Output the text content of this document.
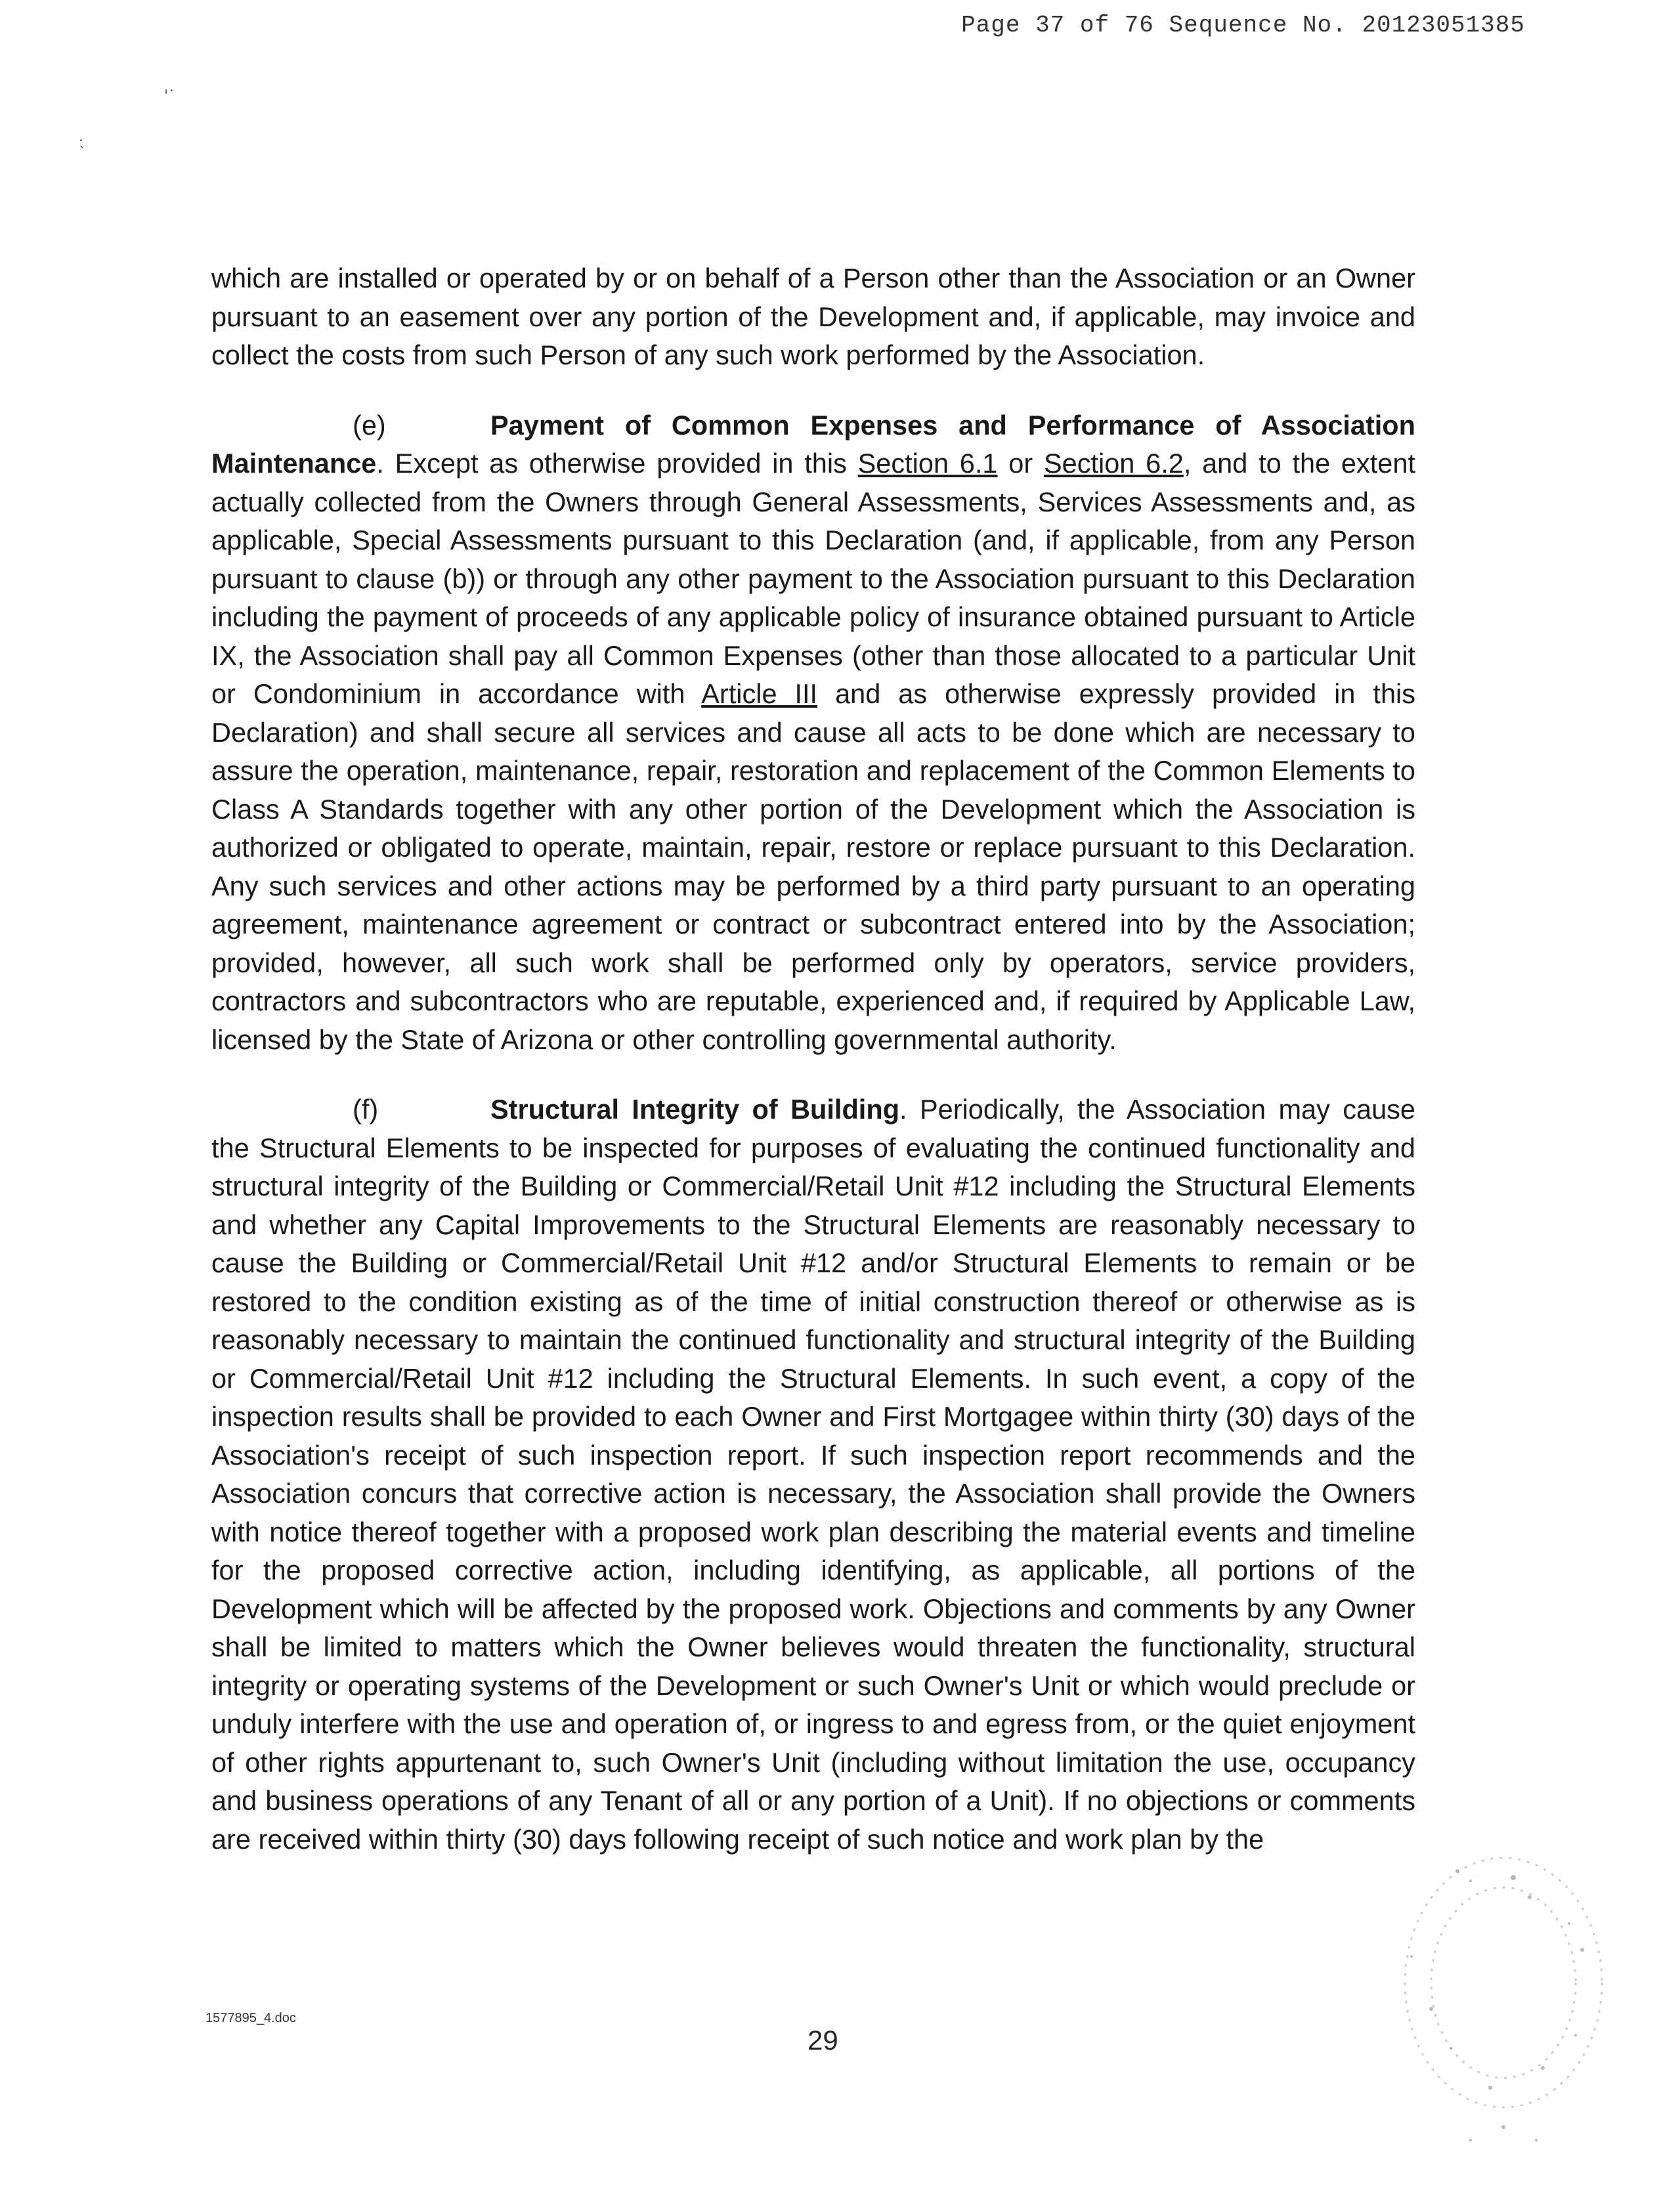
Page 37 of 76 Sequence No. 20123051385
.
'
. `

which are installed or operated by or on behalf of a Person other than the Association or an Owner pursuant to an easement over any portion of the Development and, if applicable, may invoice and collect the costs from such Person of any such work performed by the Association.

(e)	Payment of Common Expenses and Performance of Association Maintenance. Except as otherwise provided in this Section 6.1 or Section 6.2, and to the extent actually collected from the Owners through General Assessments, Services Assessments and, as applicable, Special Assessments pursuant to this Declaration (and, if applicable, from any Person pursuant to clause (b)) or through any other payment to the Association pursuant to this Declaration including the payment of proceeds of any applicable policy of insurance obtained pursuant to Article IX, the Association shall pay all Common Expenses (other than those allocated to a particular Unit or Condominium in accordance with Article III and as otherwise expressly provided in this Declaration) and shall secure all services and cause all acts to be done which are necessary to assure the operation, maintenance, repair, restoration and replacement of the Common Elements to Class A Standards together with any other portion of the Development which the Association is authorized or obligated to operate, maintain, repair, restore or replace pursuant to this Declaration. Any such services and other actions may be performed by a third party pursuant to an operating agreement, maintenance agreement or contract or subcontract entered into by the Association; provided, however, all such work shall be performed only by operators, service providers, contractors and subcontractors who are reputable, experienced and, if required by Applicable Law, licensed by the State of Arizona or other controlling governmental authority.

(f)	Structural Integrity of Building. Periodically, the Association may cause the Structural Elements to be inspected for purposes of evaluating the continued functionality and structural integrity of the Building or Commercial/Retail Unit #12 including the Structural Elements and whether any Capital Improvements to the Structural Elements are reasonably necessary to cause the Building or Commercial/Retail Unit #12 and/or Structural Elements to remain or be restored to the condition existing as of the time of initial construction thereof or otherwise as is reasonably necessary to maintain the continued functionality and structural integrity of the Building or Commercial/Retail Unit #12 including the Structural Elements. In such event, a copy of the inspection results shall be provided to each Owner and First Mortgagee within thirty (30) days of the Association's receipt of such inspection report. If such inspection report recommends and the Association concurs that corrective action is necessary, the Association shall provide the Owners with notice thereof together with a proposed work plan describing the material events and timeline for the proposed corrective action, including identifying, as applicable, all portions of the Development which will be affected by the proposed work. Objections and comments by any Owner shall be limited to matters which the Owner believes would threaten the functionality, structural integrity or operating systems of the Development or such Owner's Unit or which would preclude or unduly interfere with the use and operation of, or ingress to and egress from, or the quiet enjoyment of other rights appurtenant to, such Owner's Unit (including without limitation the use, occupancy and business operations of any Tenant of all or any portion of a Unit). If no objections or comments are received within thirty (30) days following receipt of such notice and work plan by the

1577895_4.doc
29
